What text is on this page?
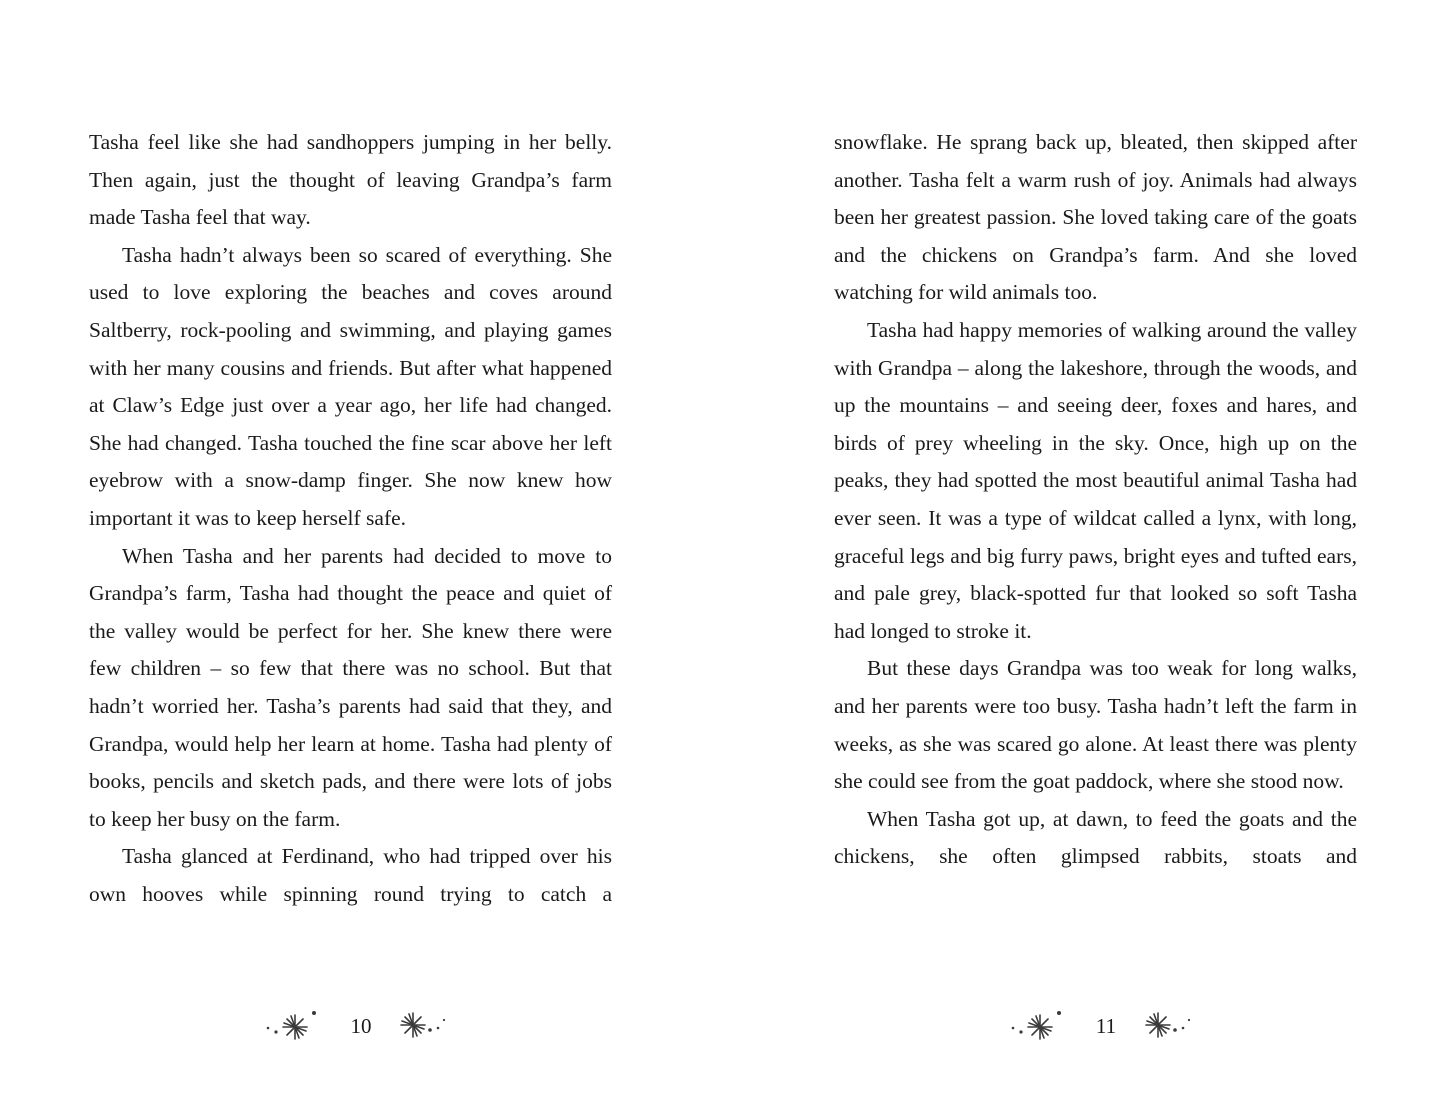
Tasha feel like she had sandhoppers jumping in her belly. Then again, just the thought of leaving Grandpa’s farm made Tasha feel that way.

Tasha hadn’t always been so scared of everything. She used to love exploring the beaches and coves around Saltberry, rock-pooling and swimming, and playing games with her many cousins and friends. But after what happened at Claw’s Edge just over a year ago, her life had changed. She had changed. Tasha touched the fine scar above her left eyebrow with a snow-damp finger. She now knew how important it was to keep herself safe.

When Tasha and her parents had decided to move to Grandpa’s farm, Tasha had thought the peace and quiet of the valley would be perfect for her. She knew there were few children – so few that there was no school. But that hadn’t worried her. Tasha’s parents had said that they, and Grandpa, would help her learn at home. Tasha had plenty of books, pencils and sketch pads, and there were lots of jobs to keep her busy on the farm.

Tasha glanced at Ferdinand, who had tripped over his own hooves while spinning round trying to catch a

snowflake. He sprang back up, bleated, then skipped after another. Tasha felt a warm rush of joy. Animals had always been her greatest passion. She loved taking care of the goats and the chickens on Grandpa’s farm. And she loved watching for wild animals too.

Tasha had happy memories of walking around the valley with Grandpa – along the lakeshore, through the woods, and up the mountains – and seeing deer, foxes and hares, and birds of prey wheeling in the sky. Once, high up on the peaks, they had spotted the most beautiful animal Tasha had ever seen. It was a type of wildcat called a lynx, with long, graceful legs and big furry paws, bright eyes and tufted ears, and pale grey, black-spotted fur that looked so soft Tasha had longed to stroke it.

But these days Grandpa was too weak for long walks, and her parents were too busy. Tasha hadn’t left the farm in weeks, as she was scared go alone. At least there was plenty she could see from the goat paddock, where she stood now.

When Tasha got up, at dawn, to feed the goats and the chickens, she often glimpsed rabbits, stoats and

10	11
